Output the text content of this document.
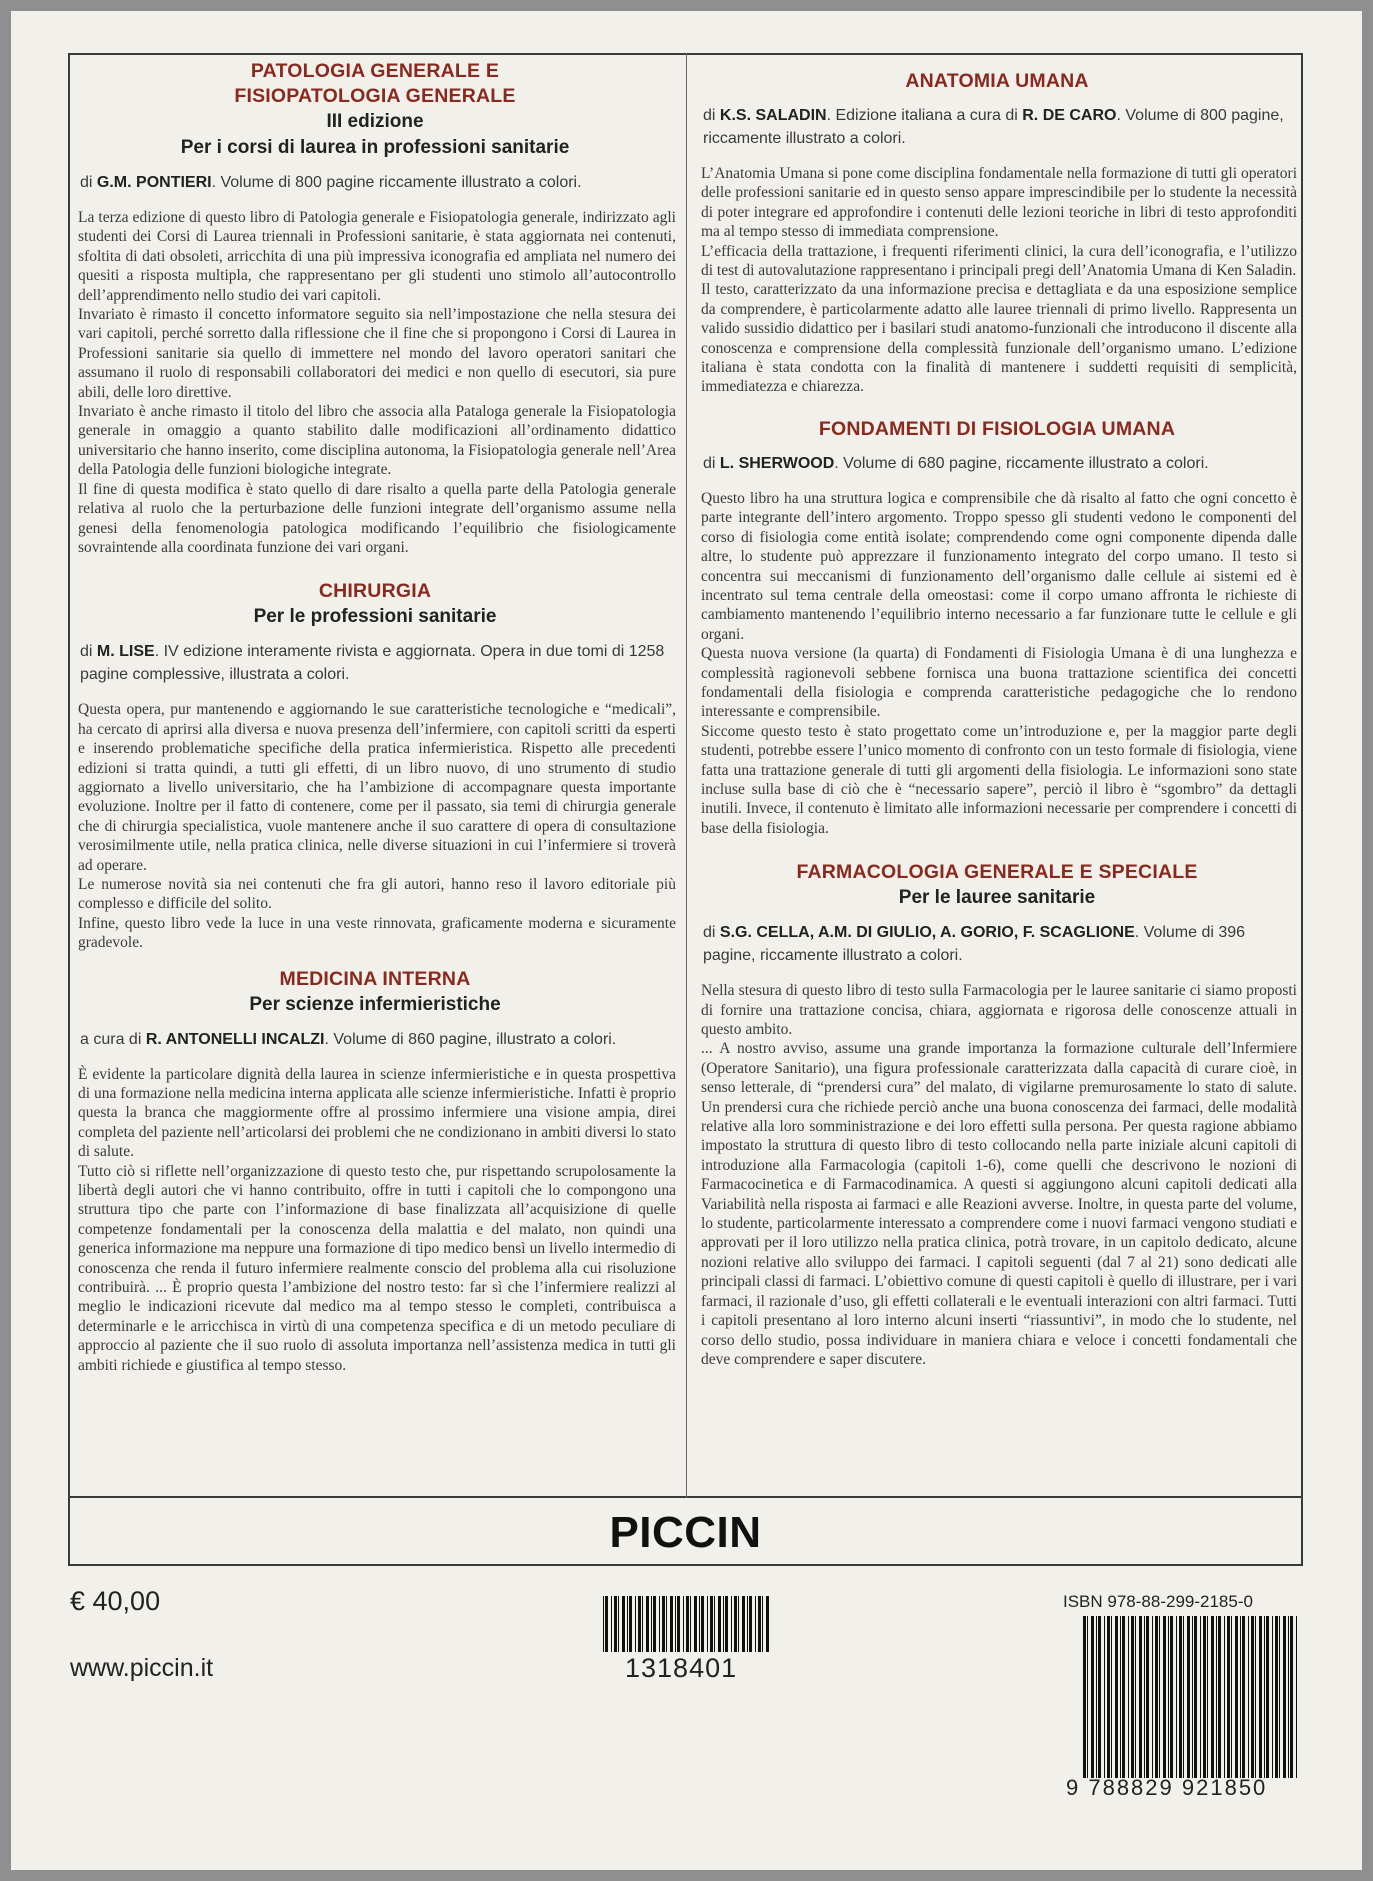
PATOLOGIA GENERALE E
FISIOPATOLOGIA GENERALE
III edizione
Per i corsi di laurea in professioni sanitarie
di G.M. PONTIERI. Volume di 800 pagine riccamente illustrato a colori.

La terza edizione di questo libro di Patologia generale e Fisiopatologia generale, indirizzato agli studenti dei Corsi di Laurea triennali in Professioni sanitarie, è stata aggiornata nei contenuti, sfoltita di dati obsoleti, arricchita di una più impressiva iconografia ed ampliata nel numero dei quesiti a risposta multipla, che rappresentano per gli studenti uno stimolo all’autocontrollo dell’apprendimento nello studio dei vari capitoli.

Invariato è rimasto il concetto informatore seguito sia nell’impostazione che nella stesura dei vari capitoli, perché sorretto dalla riflessione che il fine che si propongono i Corsi di Laurea in Professioni sanitarie sia quello di immettere nel mondo del lavoro operatori sanitari che assumano il ruolo di responsabili collaboratori dei medici e non quello di esecutori, sia pure abili, delle loro direttive.

Invariato è anche rimasto il titolo del libro che associa alla Pataloga generale la Fisiopatologia generale in omaggio a quanto stabilito dalle modificazioni all’ordinamento didattico universitario che hanno inserito, come disciplina autonoma, la Fisiopatologia generale nell’Area della Patologia delle funzioni biologiche integrate.

Il fine di questa modifica è stato quello di dare risalto a quella parte della Patologia generale relativa al ruolo che la perturbazione delle funzioni integrate dell’organismo assume nella genesi della fenomenologia patologica modificando l’equilibrio che fisiologicamente sovraintende alla coordinata funzione dei vari organi.

CHIRURGIA
Per le professioni sanitarie
di M. LISE. IV edizione interamente rivista e aggiornata. Opera in due tomi di 1258 pagine complessive, illustrata a colori.

Questa opera, pur mantenendo e aggiornando le sue caratteristiche tecnologiche e “medicali”, ha cercato di aprirsi alla diversa e nuova presenza dell’infermiere, con capitoli scritti da esperti e inserendo problematiche specifiche della pratica infermieristica. Rispetto alle precedenti edizioni si tratta quindi, a tutti gli effetti, di un libro nuovo, di uno strumento di studio aggiornato a livello universitario, che ha l’ambizione di accompagnare questa importante evoluzione. Inoltre per il fatto di contenere, come per il passato, sia temi di chirurgia generale che di chirurgia specialistica, vuole mantenere anche il suo carattere di opera di consultazione verosimilmente utile, nella pratica clinica, nelle diverse situazioni in cui l’infermiere si troverà ad operare.

Le numerose novità sia nei contenuti che fra gli autori, hanno reso il lavoro editoriale più complesso e difficile del solito.

Infine, questo libro vede la luce in una veste rinnovata, graficamente moderna e sicuramente gradevole.

MEDICINA INTERNA
Per scienze infermieristiche
a cura di R. ANTONELLI INCALZI. Volume di 860 pagine, illustrato a colori.

È evidente la particolare dignità della laurea in scienze infermieristiche e in questa prospettiva di una formazione nella medicina interna applicata alle scienze infermieristiche. Infatti è proprio questa la branca che maggiormente offre al prossimo infermiere una visione ampia, direi completa del paziente nell’articolarsi dei problemi che ne condizionano in ambiti diversi lo stato di salute.

Tutto ciò si riflette nell’organizzazione di questo testo che, pur rispettando scrupolosamente la libertà degli autori che vi hanno contribuito, offre in tutti i capitoli che lo compongono una struttura tipo che parte con l’informazione di base finalizzata all’acquisizione di quelle competenze fondamentali per la conoscenza della malattia e del malato, non quindi una generica informazione ma neppure una formazione di tipo medico bensì un livello intermedio di conoscenza che renda il futuro infermiere realmente conscio del problema alla cui risoluzione contribuirà. ... È proprio questa l’ambizione del nostro testo: far sì che l’infermiere realizzi al meglio le indicazioni ricevute dal medico ma al tempo stesso le completi, contribuisca a determinarle e le arricchisca in virtù di una competenza specifica e di un metodo peculiare di approccio al paziente che il suo ruolo di assoluta importanza nell’assistenza medica in tutti gli ambiti richiede e giustifica al tempo stesso.

ANATOMIA UMANA
di K.S. SALADIN. Edizione italiana a cura di R. DE CARO. Volume di 800 pagine, riccamente illustrato a colori.

L’Anatomia Umana si pone come disciplina fondamentale nella formazione di tutti gli operatori delle professioni sanitarie ed in questo senso appare imprescindibile per lo studente la necessità di poter integrare ed approfondire i contenuti delle lezioni teoriche in libri di testo approfonditi ma al tempo stesso di immediata comprensione.

L’efficacia della trattazione, i frequenti riferimenti clinici, la cura dell’iconografia, e l’utilizzo di test di autovalutazione rappresentano i principali pregi dell’Anatomia Umana di Ken Saladin.

Il testo, caratterizzato da una informazione precisa e dettagliata e da una esposizione semplice da comprendere, è particolarmente adatto alle lauree triennali di primo livello. Rappresenta un valido sussidio didattico per i basilari studi anatomo-funzionali che introducono il discente alla conoscenza e comprensione della complessità funzionale dell’organismo umano. L’edizione italiana è stata condotta con la finalità di mantenere i suddetti requisiti di semplicità, immediatezza e chiarezza.

FONDAMENTI DI FISIOLOGIA UMANA
di L. SHERWOOD. Volume di 680 pagine, riccamente illustrato a colori.

Questo libro ha una struttura logica e comprensibile che dà risalto al fatto che ogni concetto è parte integrante dell’intero argomento. Troppo spesso gli studenti vedono le componenti del corso di fisiologia come entità isolate; comprendendo come ogni componente dipenda dalle altre, lo studente può apprezzare il funzionamento integrato del corpo umano. Il testo si concentra sui meccanismi di funzionamento dell’organismo dalle cellule ai sistemi ed è incentrato sul tema centrale della omeostasi: come il corpo umano affronta le richieste di cambiamento mantenendo l’equilibrio interno necessario a far funzionare tutte le cellule e gli organi.

Questa nuova versione (la quarta) di Fondamenti di Fisiologia Umana è di una lunghezza e complessità ragionevoli sebbene fornisca una buona trattazione scientifica dei concetti fondamentali della fisiologia e comprenda caratteristiche pedagogiche che lo rendono interessante e comprensibile.

Siccome questo testo è stato progettato come un’introduzione e, per la maggior parte degli studenti, potrebbe essere l’unico momento di confronto con un testo formale di fisiologia, viene fatta una trattazione generale di tutti gli argomenti della fisiologia. Le informazioni sono state incluse sulla base di ciò che è “necessario sapere”, perciò il libro è “sgombro” da dettagli inutili. Invece, il contenuto è limitato alle informazioni necessarie per comprendere i concetti di base della fisiologia.

FARMACOLOGIA GENERALE E SPECIALE
Per le lauree sanitarie
di S.G. CELLA, A.M. DI GIULIO, A. GORIO, F. SCAGLIONE. Volume di 396 pagine, riccamente illustrato a colori.

Nella stesura di questo libro di testo sulla Farmacologia per le lauree sanitarie ci siamo proposti di fornire una trattazione concisa, chiara, aggiornata e rigorosa delle conoscenze attuali in questo ambito.

... A nostro avviso, assume una grande importanza la formazione culturale dell’Infermiere (Operatore Sanitario), una figura professionale caratterizzata dalla capacità di curare cioè, in senso letterale, di “prendersi cura” del malato, di vigilarne premurosamente lo stato di salute. Un prendersi cura che richiede perciò anche una buona conoscenza dei farmaci, delle modalità relative alla loro somministrazione e dei loro effetti sulla persona. Per questa ragione abbiamo impostato la struttura di questo libro di testo collocando nella parte iniziale alcuni capitoli di introduzione alla Farmacologia (capitoli 1-6), come quelli che descrivono le nozioni di Farmacocinetica e di Farmacodinamica. A questi si aggiungono alcuni capitoli dedicati alla Variabilità nella risposta ai farmaci e alle Reazioni avverse. Inoltre, in questa parte del volume, lo studente, particolarmente interessato a comprendere come i nuovi farmaci vengono studiati e approvati per il loro utilizzo nella pratica clinica, potrà trovare, in un capitolo dedicato, alcune nozioni relative allo sviluppo dei farmaci. I capitoli seguenti (dal 7 al 21) sono dedicati alle principali classi di farmaci. L’obiettivo comune di questi capitoli è quello di illustrare, per i vari farmaci, il razionale d’uso, gli effetti collaterali e le eventuali interazioni con altri farmaci. Tutti i capitoli presentano al loro interno alcuni inserti “riassuntivi”, in modo che lo studente, nel corso dello studio, possa individuare in maniera chiara e veloce i concetti fondamentali che deve comprendere e saper discutere.

PICCIN
€ 40,00
www.piccin.it	1318401
ISBN 978-88-299-2185-0
9 788829 921850
